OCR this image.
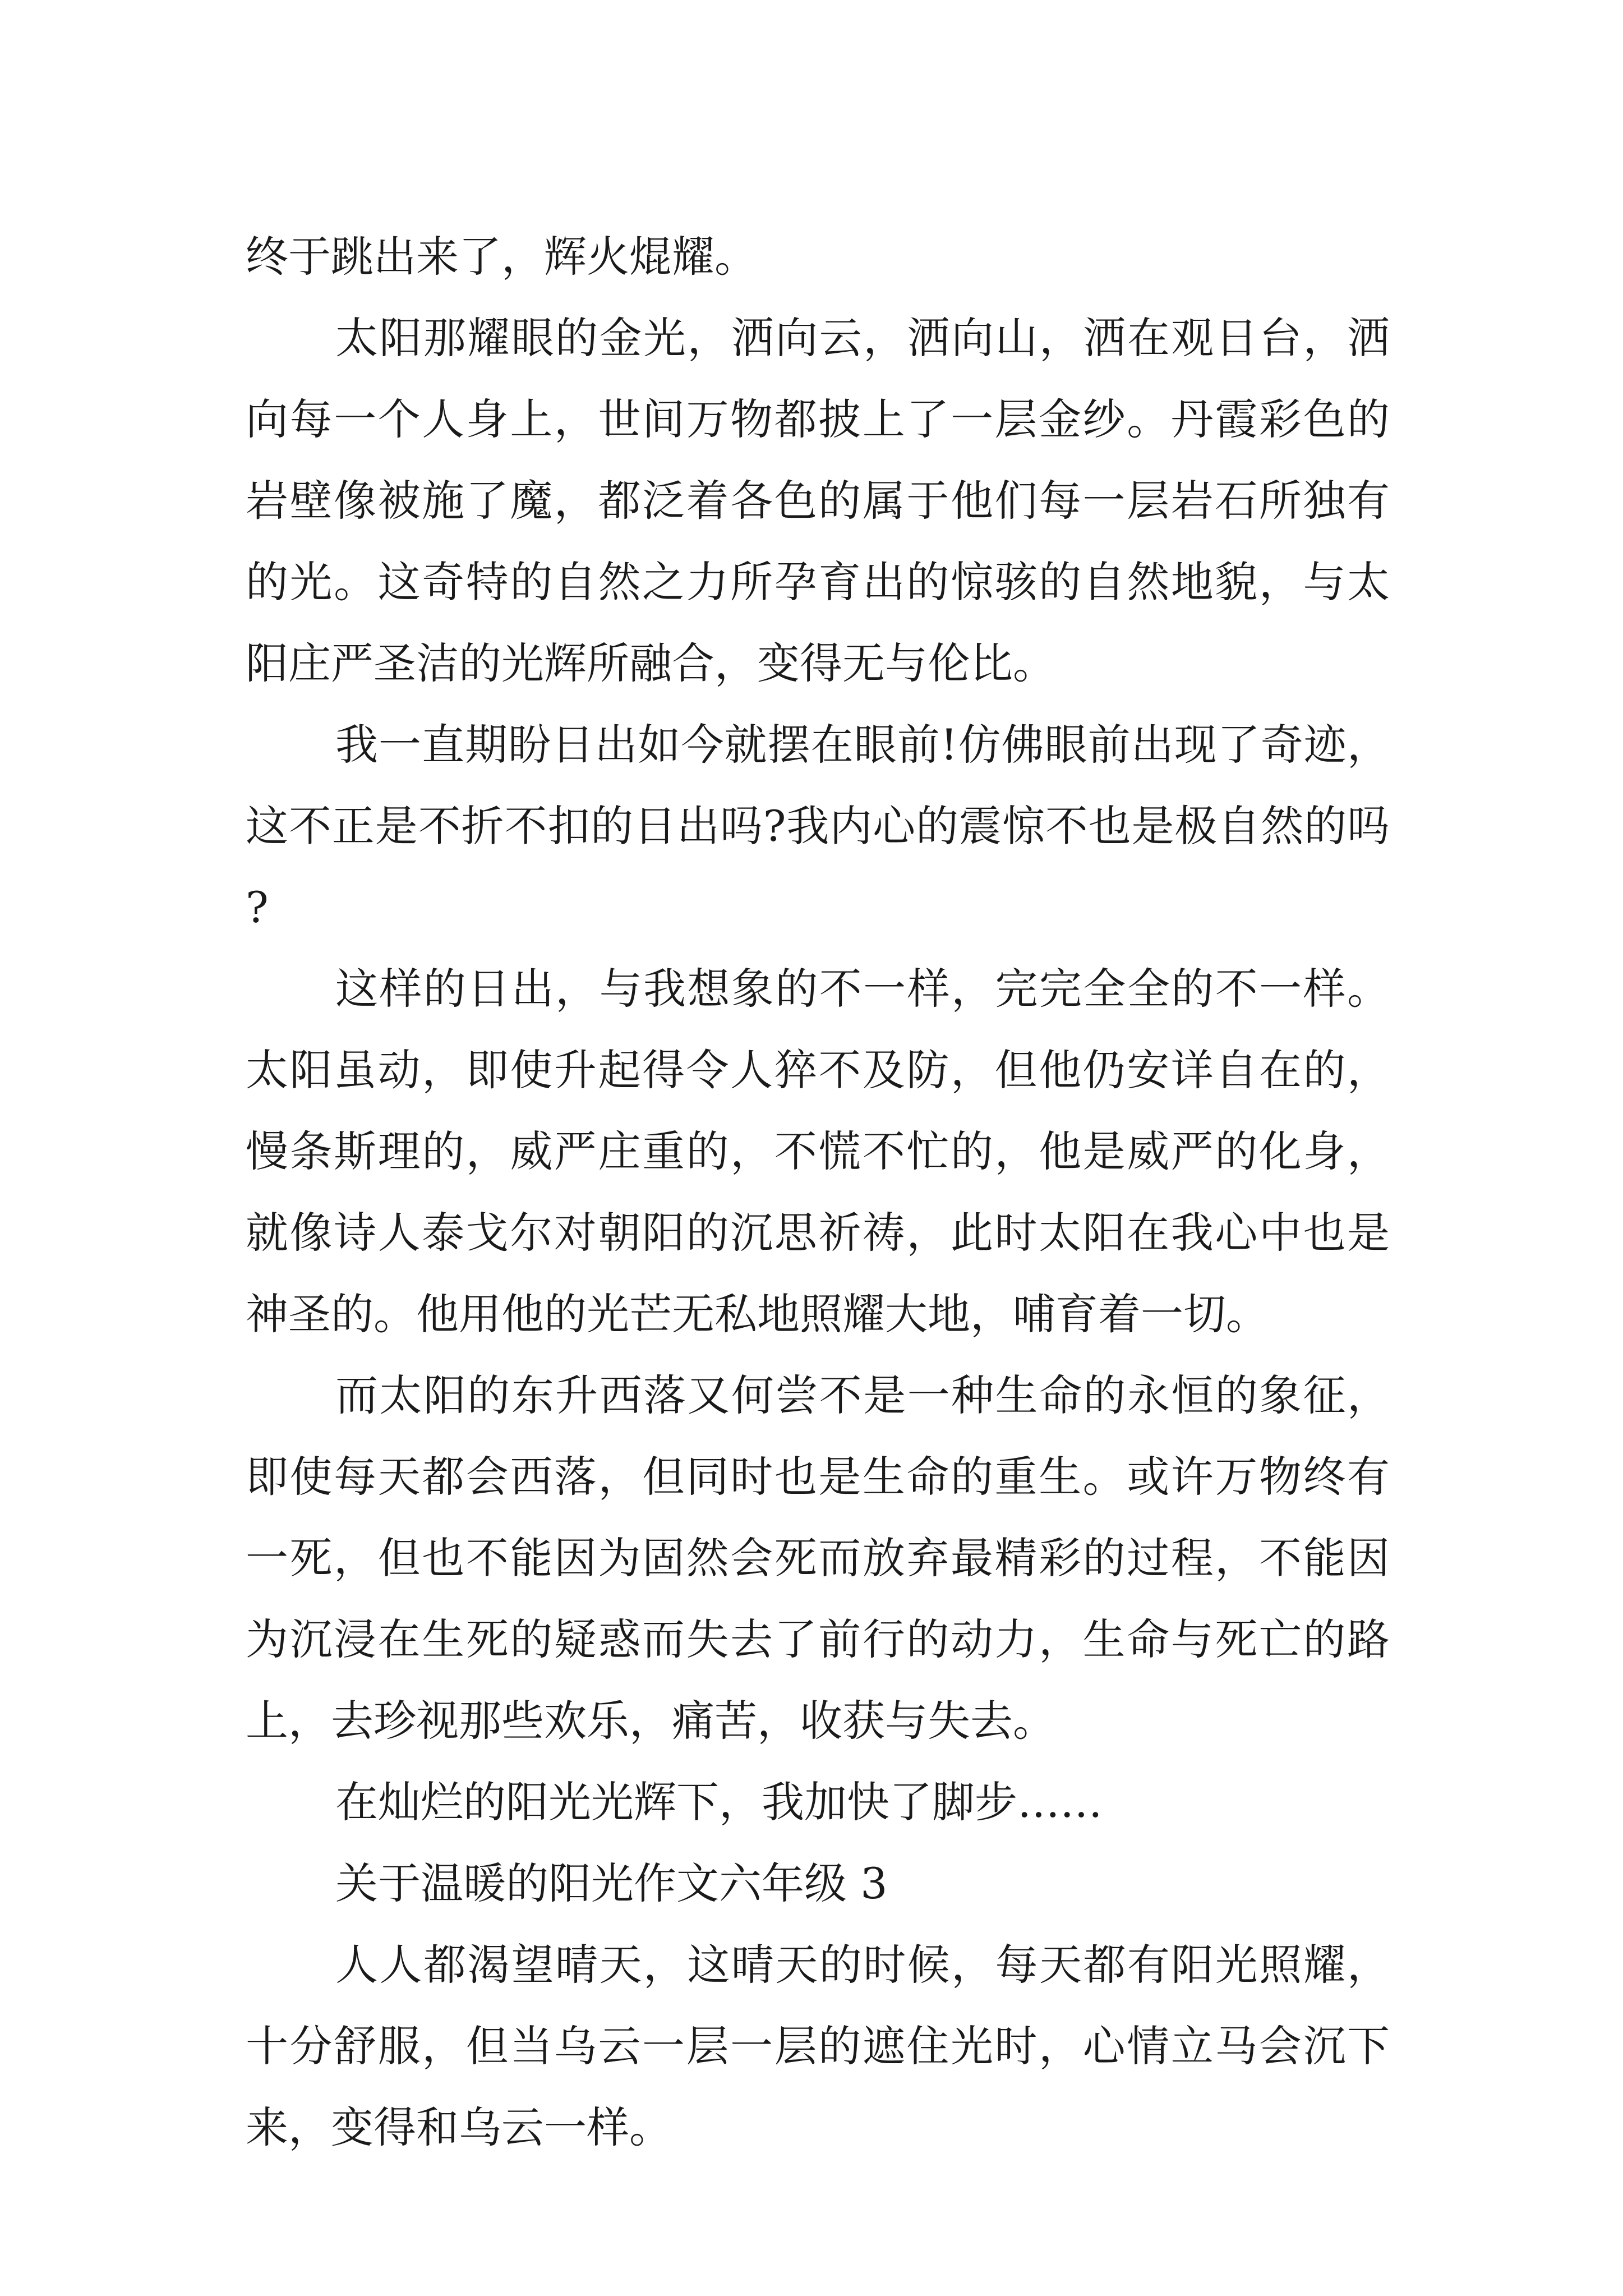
终于跳出来了，辉火焜耀。

太阳那耀眼的金光，洒向云，洒向山，洒在观日台，洒向每一个人身上，世间万物都披上了一层金纱。丹霞彩色的岩壁像被施了魔，都泛着各色的属于他们每一层岩石所独有的光。这奇特的自然之力所孕育出的惊骇的自然地貌，与太阳庄严圣洁的光辉所融合，变得无与伦比。

我一直期盼日出如今就摆在眼前!仿佛眼前出现了奇迹，这不正是不折不扣的日出吗?我内心的震惊不也是极自然的吗?

这样的日出，与我想象的不一样，完完全全的不一样。太阳虽动，即使升起得令人猝不及防，但他仍安详自在的，慢条斯理的，威严庄重的，不慌不忙的，他是威严的化身，就像诗人泰戈尔对朝阳的沉思祈祷，此时太阳在我心中也是神圣的。他用他的光芒无私地照耀大地，哺育着一切。

而太阳的东升西落又何尝不是一种生命的永恒的象征，即使每天都会西落，但同时也是生命的重生。或许万物终有一死，但也不能因为固然会死而放弃最精彩的过程，不能因为沉浸在生死的疑惑而失去了前行的动力，生命与死亡的路上，去珍视那些欢乐，痛苦，收获与失去。

在灿烂的阳光光辉下，我加快了脚步……

关于温暖的阳光作文六年级 3

人人都渴望晴天，这晴天的时候，每天都有阳光照耀，十分舒服，但当乌云一层一层的遮住光时，心情立马会沉下来，变得和乌云一样。
